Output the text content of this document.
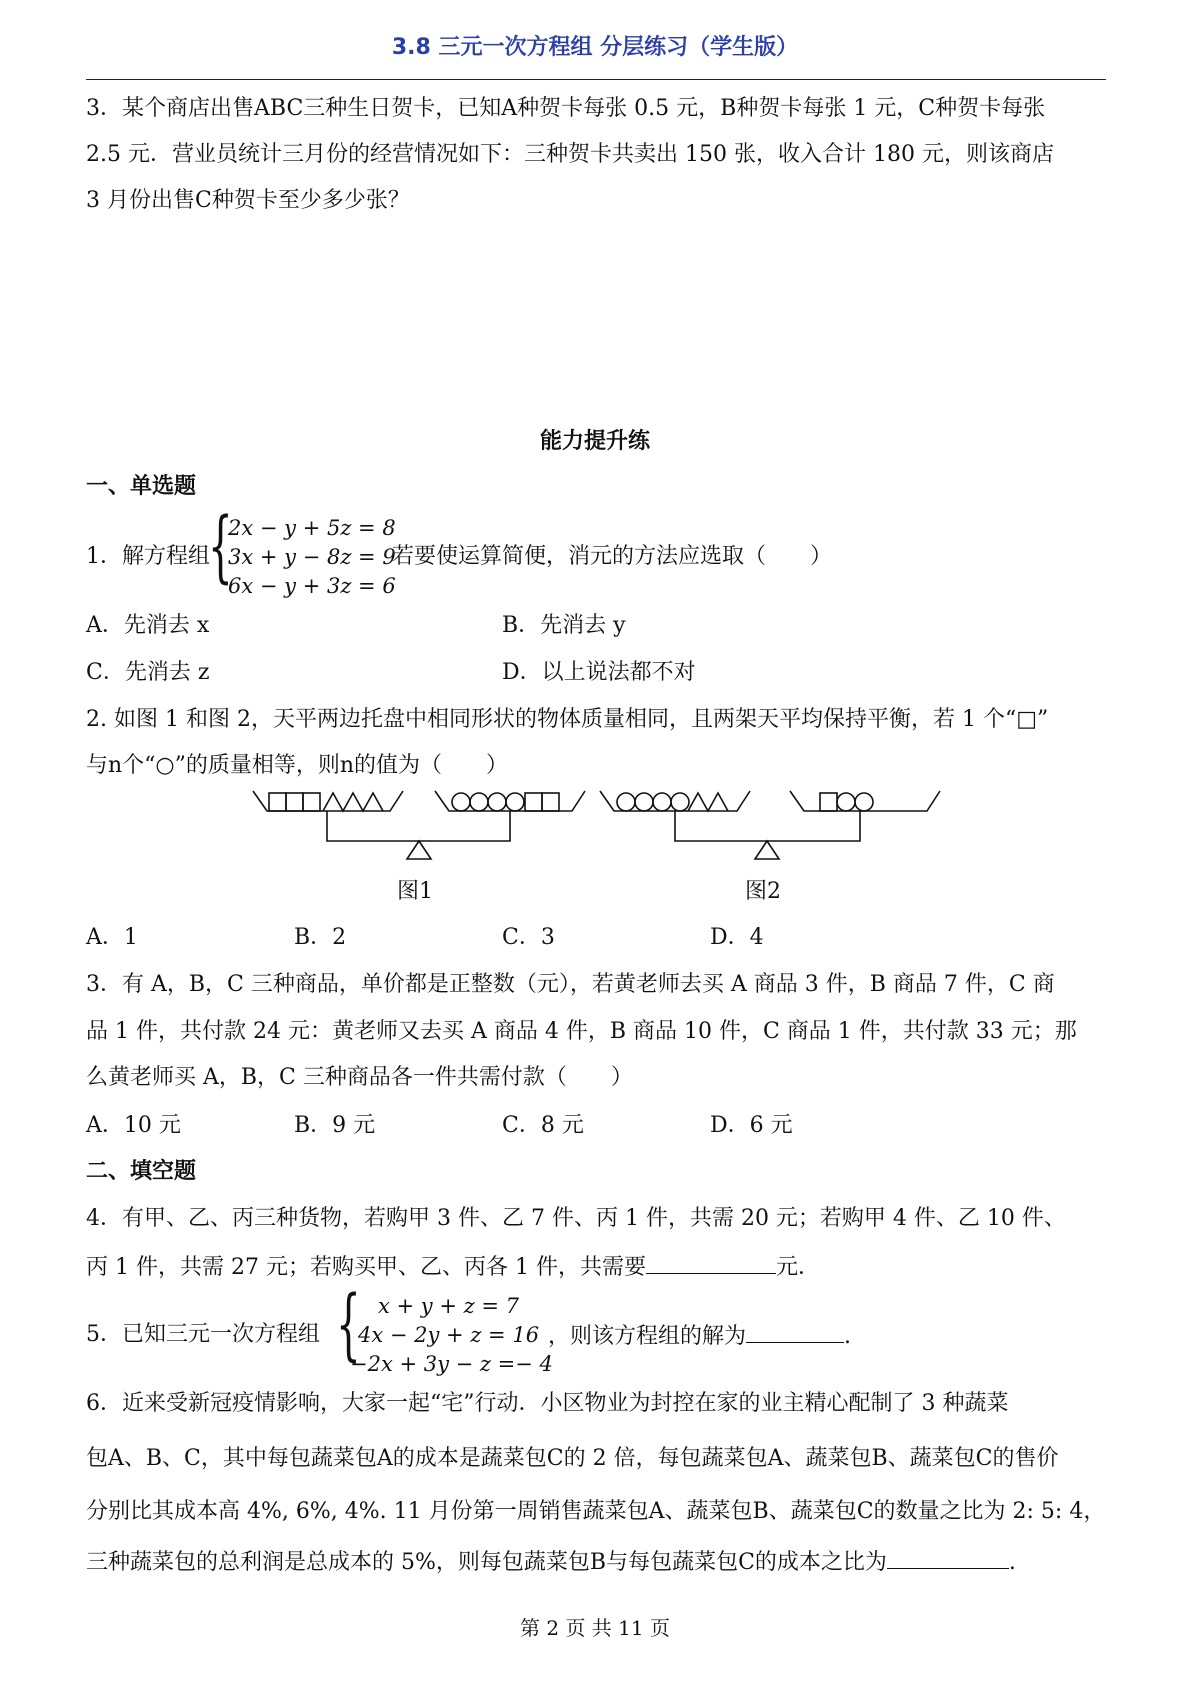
3.8 三元一次方程组 分层练习（学生版）
3．某个商店出售ABC三种生日贺卡，已知A种贺卡每张 0.5 元，B种贺卡每张 1 元，C种贺卡每张
2.5 元．营业员统计三月份的经营情况如下：三种贺卡共卖出 150 张，收入合计 180 元，则该商店
3 月份出售C种贺卡至少多少张？
能力提升练
一、单选题
1．解方程组
{
2x − y + 5z = 8
3x + y − 8z = 9
6x − y + 3z = 6
若要使运算简便，消元的方法应选取（　　）
A．先消去 x	B．先消去 y
C．先消去 z	D．以上说法都不对
2. 如图 1 和图 2，天平两边托盘中相同形状的物体质量相同，且两架天平均保持平衡，若 1 个“□”
与n个“○”的质量相等，则n的值为（　　）
图1	图2
A．1	B．2	C．3	D．4
3．有 A，B，C 三种商品，单价都是正整数（元），若黄老师去买 A 商品 3 件，B 商品 7 件，C 商
品 1 件，共付款 24 元：黄老师又去买 A 商品 4 件，B 商品 10 件，C 商品 1 件，共付款 33 元；那
么黄老师买 A，B，C 三种商品各一件共需付款（　　）
A．10 元	B．9 元	C．8 元	D．6 元
二、填空题
4．有甲、乙、丙三种货物，若购甲 3 件、乙 7 件、丙 1 件，共需 20 元；若购甲 4 件、乙 10 件、
丙 1 件，共需 27 元；若购买甲、乙、丙各 1 件，共需要	元．
5．已知三元一次方程组 { x + y + z = 7
4x − 2y + z = 16
−2x + 3y − z =− 4
，则该方程组的解为	.
6．近来受新冠疫情影响，大家一起“宅”行动．小区物业为封控在家的业主精心配制了 3 种蔬菜
包A、B、C，其中每包蔬菜包A的成本是蔬菜包C的 2 倍，每包蔬菜包A、蔬菜包B、蔬菜包C的售价
分别比其成本高 4%, 6%, 4%. 11 月份第一周销售蔬菜包A、蔬菜包B、蔬菜包C的数量之比为 2: 5: 4，
三种蔬菜包的总利润是总成本的 5%，则每包蔬菜包B与每包蔬菜包C的成本之比为	.
第 2 页 共 11 页
